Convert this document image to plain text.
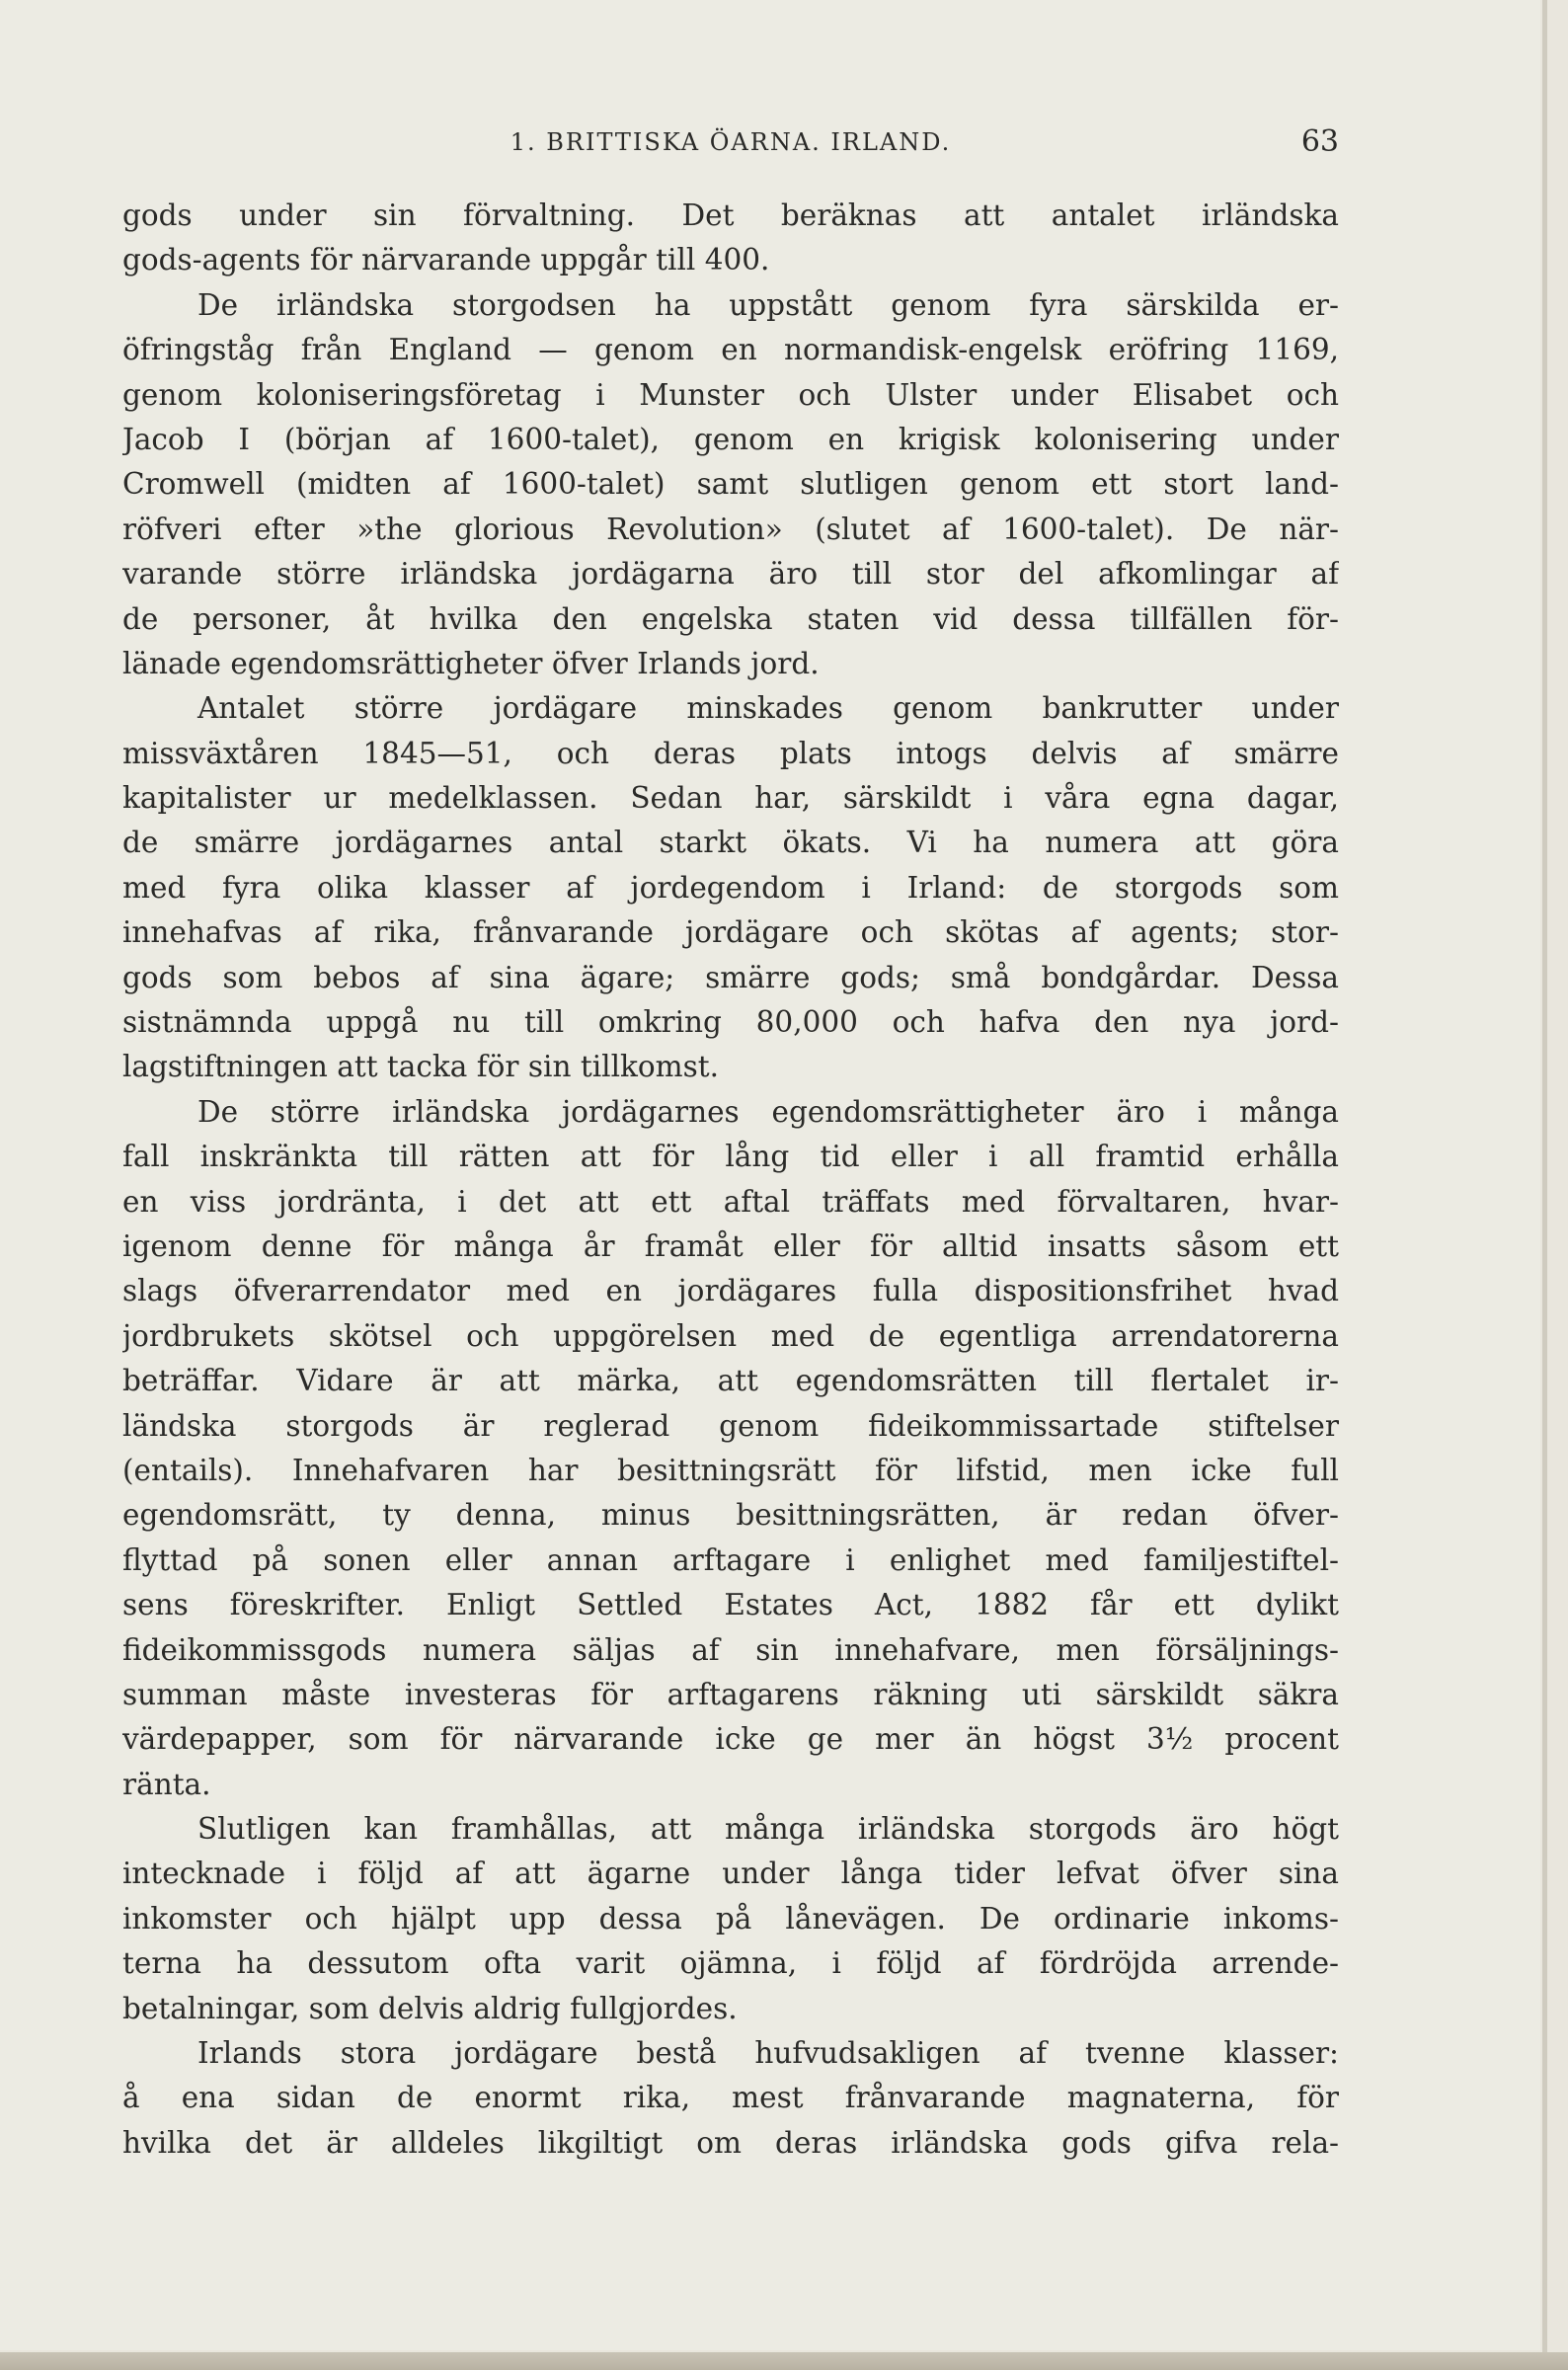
1. BRITTISKA ÖARNA. IRLAND.	63

gods under sin förvaltning. Det beräknas att antalet irländska

gods-agents för närvarande uppgår till 400.

De irländska storgodsen ha uppstått genom fyra särskilda er-

öfringståg från England — genom en normandisk-engelsk eröfring 1169,

genom koloniseringsföretag i Munster och Ulster under Elisabet och

Jacob I (början af 1600-talet), genom en krigisk kolonisering under

Cromwell (midten af 1600-talet) samt slutligen genom ett stort land-

röfveri efter »the glorious Revolution» (slutet af 1600-talet). De när-

varande större irländska jordägarna äro till stor del afkomlingar af

de personer, åt hvilka den engelska staten vid dessa tillfällen för-

länade egendomsrättigheter öfver Irlands jord.

Antalet större jordägare minskades genom bankrutter under

missväxtåren 1845—51, och deras plats intogs delvis af smärre

kapitalister ur medelklassen. Sedan har, särskildt i våra egna dagar,

de smärre jordägarnes antal starkt ökats. Vi ha numera att göra

med fyra olika klasser af jordegendom i Irland: de storgods som

innehafvas af rika, frånvarande jordägare och skötas af agents; stor-

gods som bebos af sina ägare; smärre gods; små bondgårdar. Dessa

sistnämnda uppgå nu till omkring 80,000 och hafva den nya jord-

lagstiftningen att tacka för sin tillkomst.

De större irländska jordägarnes egendomsrättigheter äro i många

fall inskränkta till rätten att för lång tid eller i all framtid erhålla

en viss jordränta, i det att ett aftal träffats med förvaltaren, hvar-

igenom denne för många år framåt eller för alltid insatts såsom ett

slags öfverarrendator med en jordägares fulla dispositionsfrihet hvad

jordbrukets skötsel och uppgörelsen med de egentliga arrendatorerna

beträffar. Vidare är att märka, att egendomsrätten till flertalet ir-

ländska storgods är reglerad genom fideikommissartade stiftelser

(entails). Innehafvaren har besittningsrätt för lifstid, men icke full

egendomsrätt, ty denna, minus besittningsrätten, är redan öfver-

flyttad på sonen eller annan arftagare i enlighet med familjestiftel-

sens föreskrifter. Enligt Settled Estates Act, 1882 får ett dylikt

fideikommissgods numera säljas af sin innehafvare, men försäljnings-

summan måste investeras för arftagarens räkning uti särskildt säkra

värdepapper, som för närvarande icke ge mer än högst 3½ procent

ränta.

Slutligen kan framhållas, att många irländska storgods äro högt

intecknade i följd af att ägarne under långa tider lefvat öfver sina

inkomster och hjälpt upp dessa på lånevägen. De ordinarie inkoms-

terna ha dessutom ofta varit ojämna, i följd af fördröjda arrende-

betalningar, som delvis aldrig fullgjordes.

Irlands stora jordägare bestå hufvudsakligen af tvenne klasser:

å ena sidan de enormt rika, mest frånvarande magnaterna, för

hvilka det är alldeles likgiltigt om deras irländska gods gifva rela-
